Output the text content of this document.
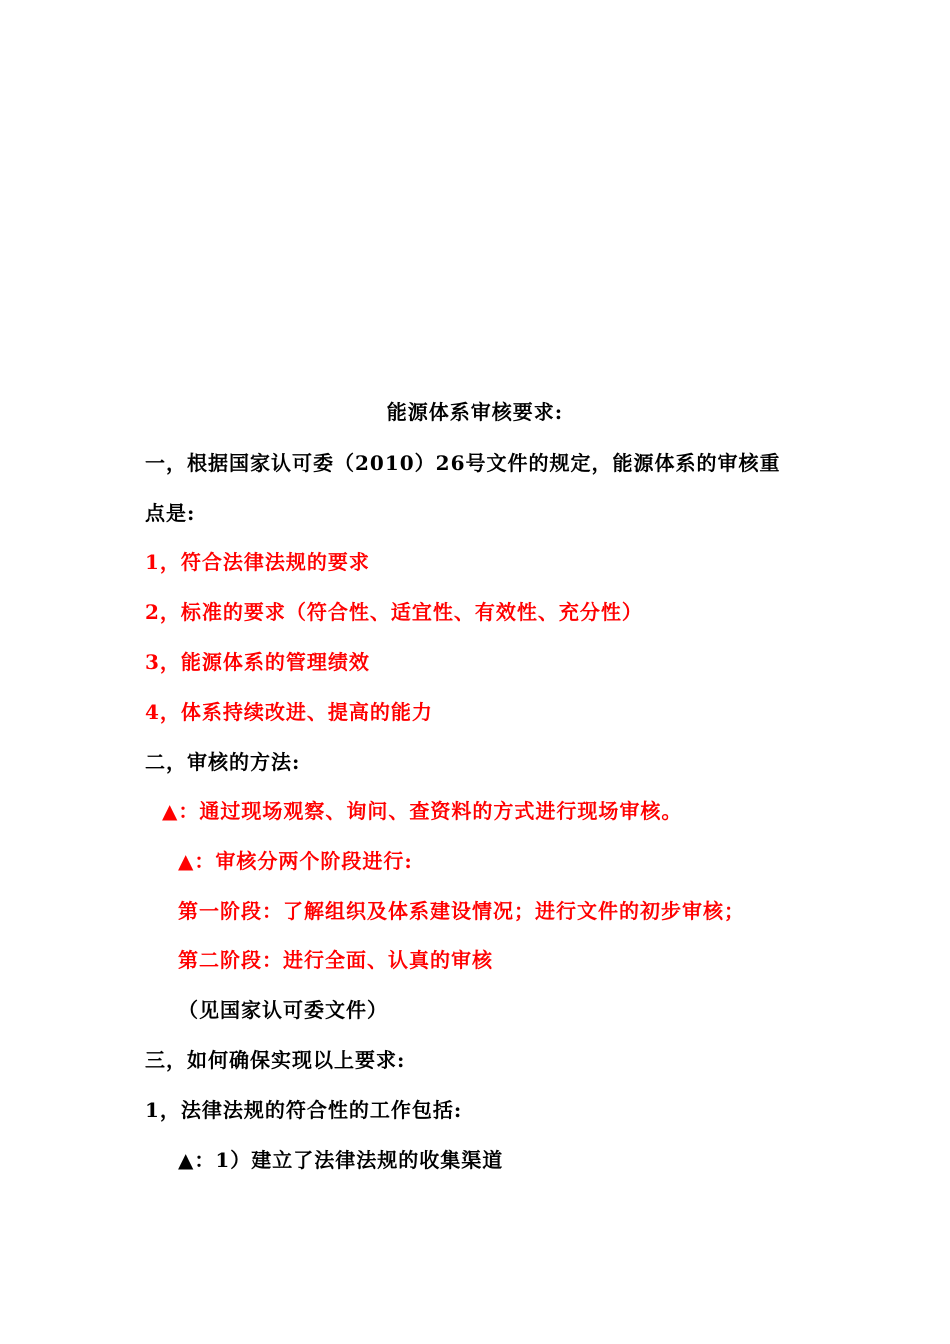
能源体系审核要求:
一，根据国家认可委（2010）26号文件的规定，能源体系的审核重
点是:
1，符合法律法规的要求
2，标准的要求（符合性、适宜性、有效性、充分性）
3，能源体系的管理绩效
4，体系持续改进、提高的能力
二，审核的方法:
▲：通过现场观察、询问、查资料的方式进行现场审核。
▲：审核分两个阶段进行:
第一阶段：了解组织及体系建设情况；进行文件的初步审核；
第二阶段：进行全面、认真的审核
（见国家认可委文件）
三，如何确保实现以上要求:
1，法律法规的符合性的工作包括:
▲：1）建立了法律法规的收集渠道
